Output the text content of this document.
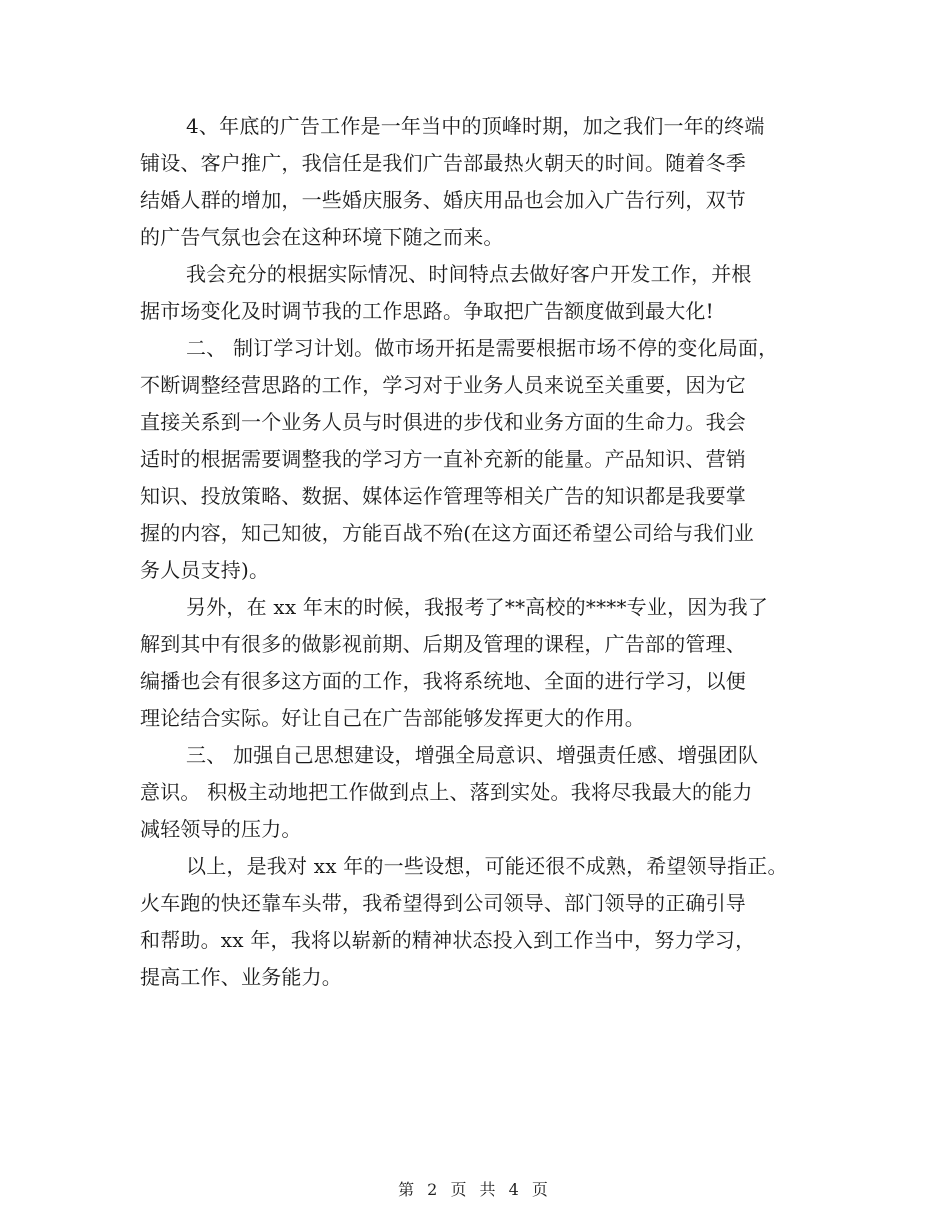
4、年底的广告工作是一年当中的顶峰时期，加之我们一年的终端
铺设、客户推广，我信任是我们广告部最热火朝天的时间。随着冬季
结婚人群的增加，一些婚庆服务、婚庆用品也会加入广告行列，双节
的广告气氛也会在这种环境下随之而来。
我会充分的根据实际情况、时间特点去做好客户开发工作，并根
据市场变化及时调节我的工作思路。争取把广告额度做到最大化!
二、 制订学习计划。做市场开拓是需要根据市场不停的变化局面，
不断调整经营思路的工作，学习对于业务人员来说至关重要，因为它
直接关系到一个业务人员与时俱进的步伐和业务方面的生命力。我会
适时的根据需要调整我的学习方一直补充新的能量。产品知识、营销
知识、投放策略、数据、媒体运作管理等相关广告的知识都是我要掌
握的内容，知己知彼，方能百战不殆(在这方面还希望公司给与我们业
务人员支持)。
另外，在 xx 年末的时候，我报考了**高校的****专业，因为我了
解到其中有很多的做影视前期、后期及管理的课程，广告部的管理、
编播也会有很多这方面的工作，我将系统地、全面的进行学习，以便
理论结合实际。好让自己在广告部能够发挥更大的作用。
三、 加强自己思想建设，增强全局意识、增强责任感、增强团队
意识。 积极主动地把工作做到点上、落到实处。我将尽我最大的能力
减轻领导的压力。
以上，是我对 xx 年的一些设想，可能还很不成熟，希望领导指正。
火车跑的快还靠车头带，我希望得到公司领导、部门领导的正确引导
和帮助。xx 年，我将以崭新的精神状态投入到工作当中，努力学习，
提高工作、业务能力。
第 2 页 共 4 页
